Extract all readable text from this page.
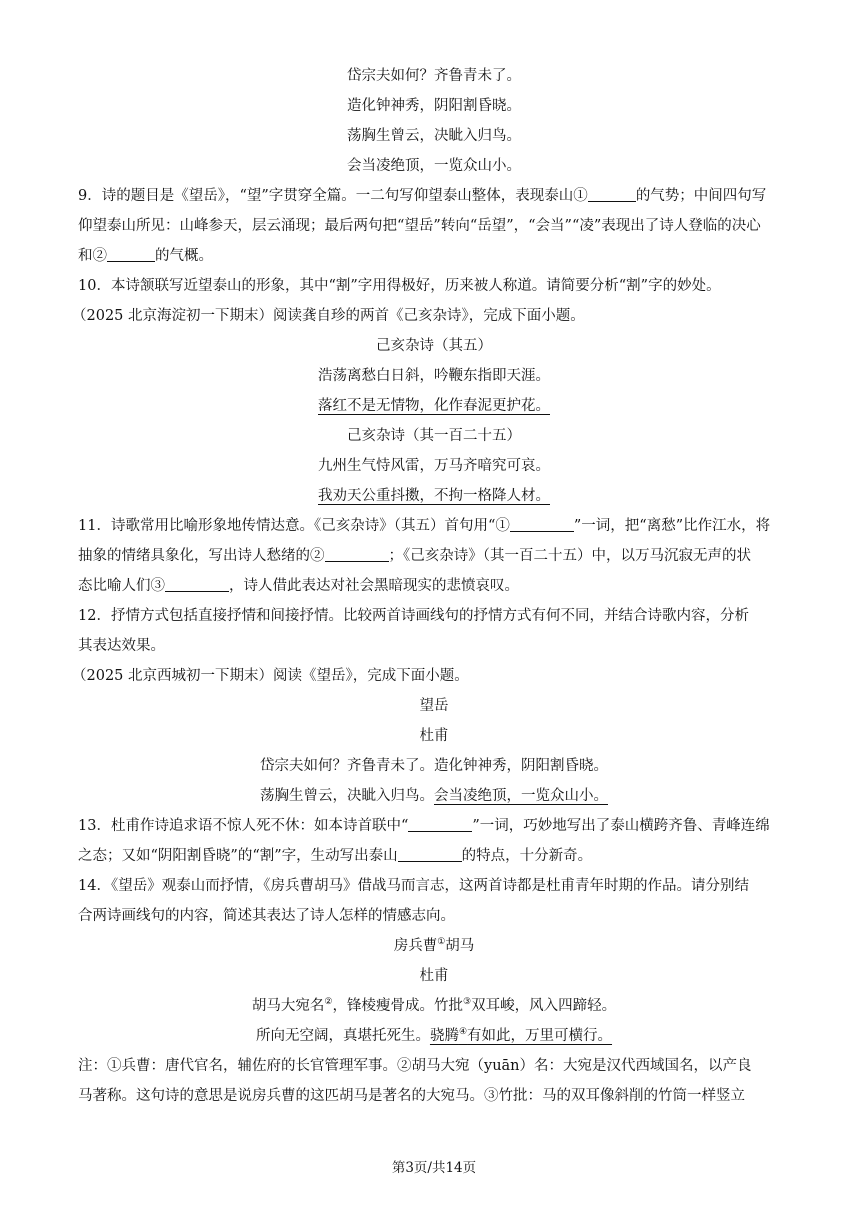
岱宗夫如何？齐鲁青未了。
造化钟神秀，阴阳割昏晓。
荡胸生曾云，决眦入归鸟。
会当凌绝顶，一览众山小。
9．诗的题目是《望岳》，“望”字贯穿全篇。一二句写仰望泰山整体，表现泰山①	的气势；中间四句写
仰望泰山所见：山峰参天，层云涌现；最后两句把“望岳”转向“岳望”，“会当”“凌”表现出了诗人登临的决心
和②	的气概。
10．本诗颔联写近望泰山的形象，其中“割”字用得极好，历来被人称道。请简要分析“割”字的妙处。
（2025 北京海淀初一下期末）阅读龚自珍的两首《己亥杂诗》，完成下面小题。
己亥杂诗（其五）
浩荡离愁白日斜，吟鞭东指即天涯。
落红不是无情物，化作春泥更护花。
己亥杂诗（其一百二十五）
九州生气恃风雷，万马齐喑究可哀。
我劝天公重抖擞，不拘一格降人材。
11．诗歌常用比喻形象地传情达意。《己亥杂诗》（其五）首句用“①	”一词，把“离愁”比作江水，将
抽象的情绪具象化，写出诗人愁绪的②	；《己亥杂诗》（其一百二十五）中，以万马沉寂无声的状
态比喻人们③	，诗人借此表达对社会黑暗现实的悲愤哀叹。
12．抒情方式包括直接抒情和间接抒情。比较两首诗画线句的抒情方式有何不同，并结合诗歌内容，分析
其表达效果。
（2025 北京西城初一下期末）阅读《望岳》，完成下面小题。
望岳
杜甫
岱宗夫如何？齐鲁青未了。造化钟神秀，阴阳割昏晓。
荡胸生曾云，决眦入归鸟。会当凌绝顶，一览众山小。
13．杜甫作诗追求语不惊人死不休：如本诗首联中“	”一词，巧妙地写出了泰山横跨齐鲁、青峰连绵
之态；又如“阴阳割昏晓”的“割”字，生动写出泰山	的特点，十分新奇。
14．《望岳》观泰山而抒情，《房兵曹胡马》借战马而言志，这两首诗都是杜甫青年时期的作品。请分别结
合两诗画线句的内容，简述其表达了诗人怎样的情感志向。
房兵曹①胡马
杜甫
胡马大宛名②，锋棱瘦骨成。竹批③双耳峻，风入四蹄轻。
所向无空阔，真堪托死生。骁腾④有如此，万里可横行。
注：①兵曹：唐代官名，辅佐府的长官管理军事。②胡马大宛（yuān）名：大宛是汉代西域国名，以产良
马著称。这句诗的意思是说房兵曹的这匹胡马是著名的大宛马。③竹批：马的双耳像斜削的竹筒一样竖立
第3页/共14页
